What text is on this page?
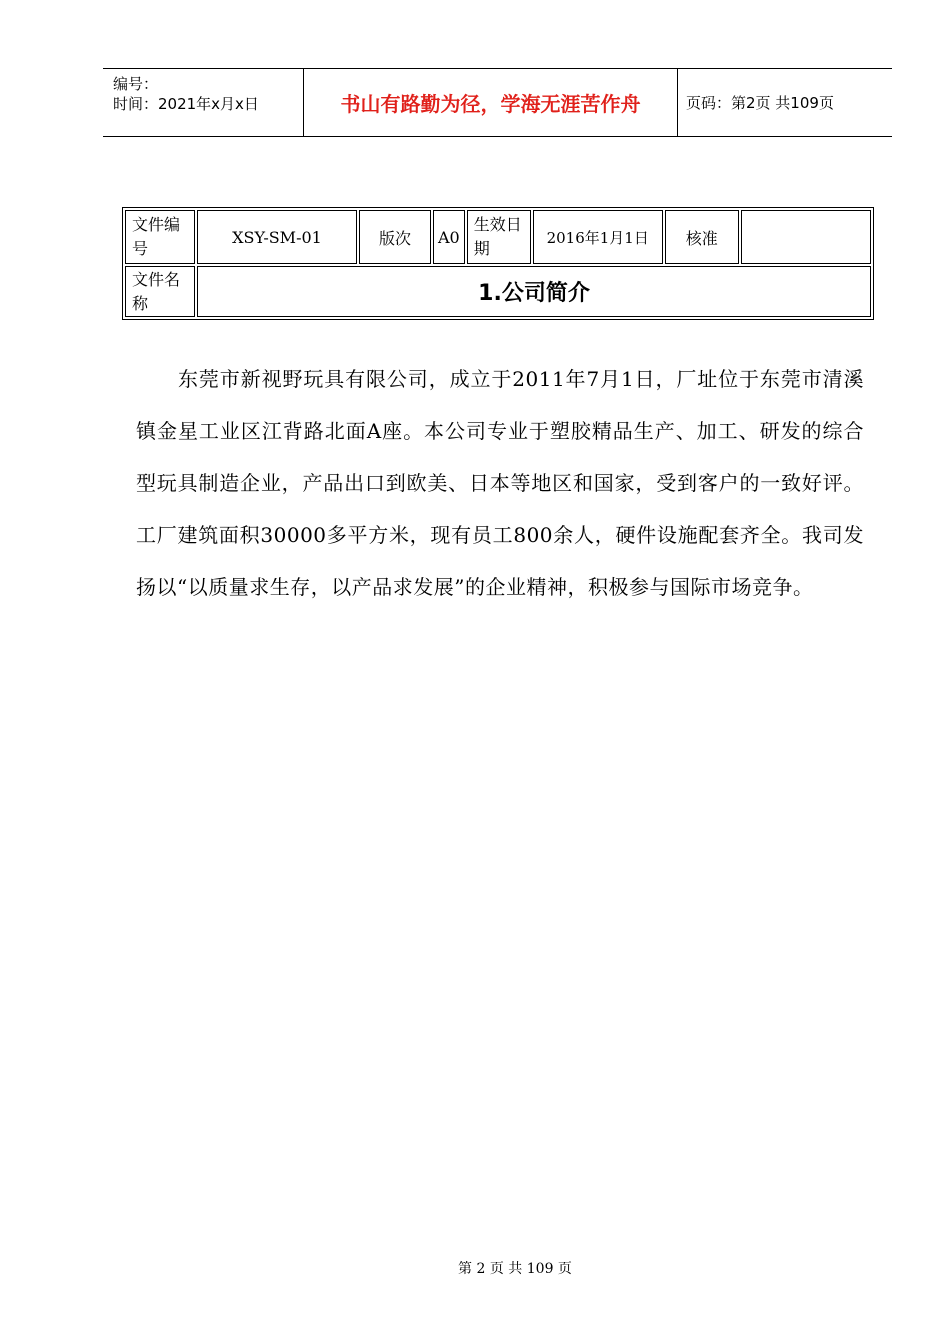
编号：
时间：2021年x月x日	书山有路勤为径，学海无涯苦作舟	页码：第2页 共109页
文件编号	XSY-SM-01	版次	A0	生效日期	2016年1月1日	核准	
文件名称	1.公司简介						

东莞市新视野玩具有限公司，成立于2011年7月1日，厂址位于东莞市清溪镇金星工业区江背路北面A座。本公司专业于塑胶精品生产、加工、研发的综合型玩具制造企业，产品出口到欧美、日本等地区和国家，受到客户的一致好评。工厂建筑面积30000多平方米，现有员工800余人，硬件设施配套齐全。我司发扬以“以质量求生存，以产品求发展”的企业精神，积极参与国际市场竞争。

第 2 页 共 109 页
